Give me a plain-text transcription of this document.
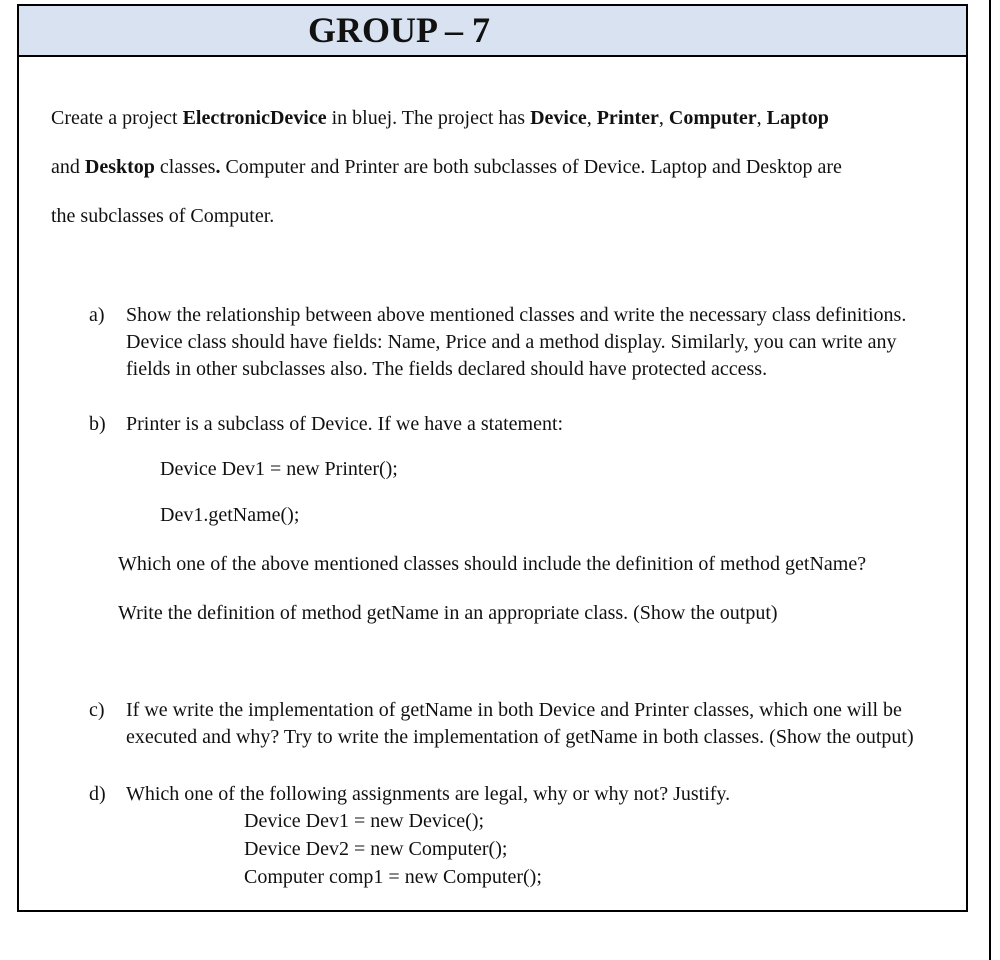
GROUP – 7
Create a project ElectronicDevice in bluej. The project has Device, Printer, Computer, Laptop
and Desktop classes. Computer and Printer are both subclasses of Device. Laptop and Desktop are
the subclasses of Computer.
a) Show the relationship between above mentioned classes and write the necessary class definitions.
Device class should have fields: Name, Price and a method display. Similarly, you can write any
fields in other subclasses also. The fields declared should have protected access.
b) Printer is a subclass of Device. If we have a statement:
Device Dev1 = new Printer();
Dev1.getName();
Which one of the above mentioned classes should include the definition of method getName?
Write the definition of method getName in an appropriate class. (Show the output)
c) If we write the implementation of getName in both Device and Printer classes, which one will be
executed and why? Try to write the implementation of getName in both classes. (Show the output)
d) Which one of the following assignments are legal, why or why not? Justify.
Device Dev1 = new Device();
Device Dev2 = new Computer();
Computer comp1 = new Computer();
